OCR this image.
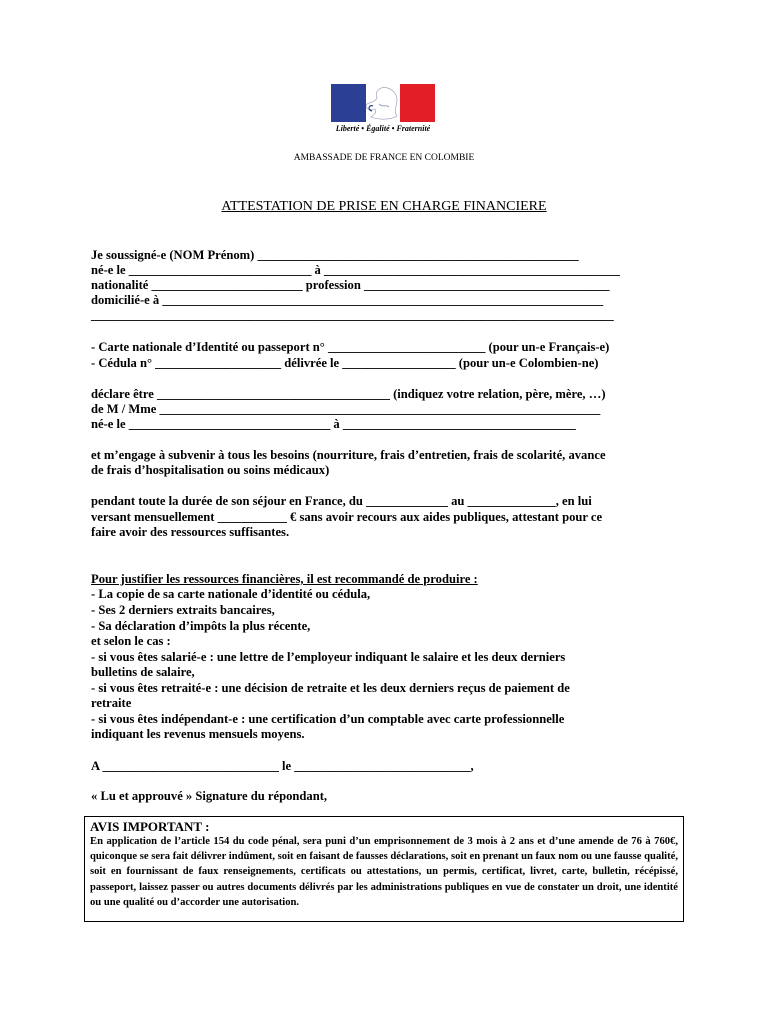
Liberté • Égalité • Fraternité
AMBASSADE DE FRANCE EN COLOMBIE
ATTESTATION DE PRISE EN CHARGE FINANCIERE
Je soussigné-e (NOM Prénom) ___________________________________________________
né-e le _____________________________ à _______________________________________________
nationalité ________________________ profession _______________________________________
domicilié-e à ______________________________________________________________________
___________________________________________________________________________________
- Carte nationale d’Identité ou passeport n° _________________________ (pour un-e Français-e)
- Cédula n° ____________________ délivrée le __________________ (pour un-e Colombien-ne)
déclare être _____________________________________ (indiquez votre relation, père, mère, …)
de M / Mme ______________________________________________________________________
né-e le ________________________________ à _____________________________________
et m’engage à subvenir à tous les besoins (nourriture, frais d’entretien, frais de scolarité, avance
de frais d’hospitalisation ou soins médicaux)
pendant toute la durée de son séjour en France, du _____________ au ______________, en lui
versant mensuellement ___________ € sans avoir recours aux aides publiques, attestant pour ce
faire avoir des ressources suffisantes.
Pour justifier les ressources financières, il est recommandé de produire :
- La copie de sa carte nationale d’identité ou cédula,
- Ses 2 derniers extraits bancaires,
- Sa déclaration d’impôts la plus récente,
et selon le cas :
- si vous êtes salarié-e : une lettre de l’employeur indiquant le salaire et les deux derniers
bulletins de salaire,
- si vous êtes retraité-e : une décision de retraite et les deux derniers reçus de paiement de
retraite
- si vous êtes indépendant-e : une certification d’un comptable avec carte professionnelle
indiquant les revenus mensuels moyens.
A ____________________________ le ____________________________,
« Lu et approuvé » Signature du répondant,
AVIS IMPORTANT :
En application de l’article 154 du code pénal, sera puni d’un emprisonnement de 3 mois à 2 ans et d’une amende de 76 à 760€, quiconque se sera fait délivrer indûment, soit en faisant de fausses déclarations, soit en prenant un faux nom ou une fausse qualité, soit en fournissant de faux renseignements, certificats ou attestations, un permis, certificat, livret, carte, bulletin, récépissé, passeport, laissez passer ou autres documents délivrés par les administrations publiques en vue de constater un droit, une identité ou une qualité ou d’accorder une autorisation.
